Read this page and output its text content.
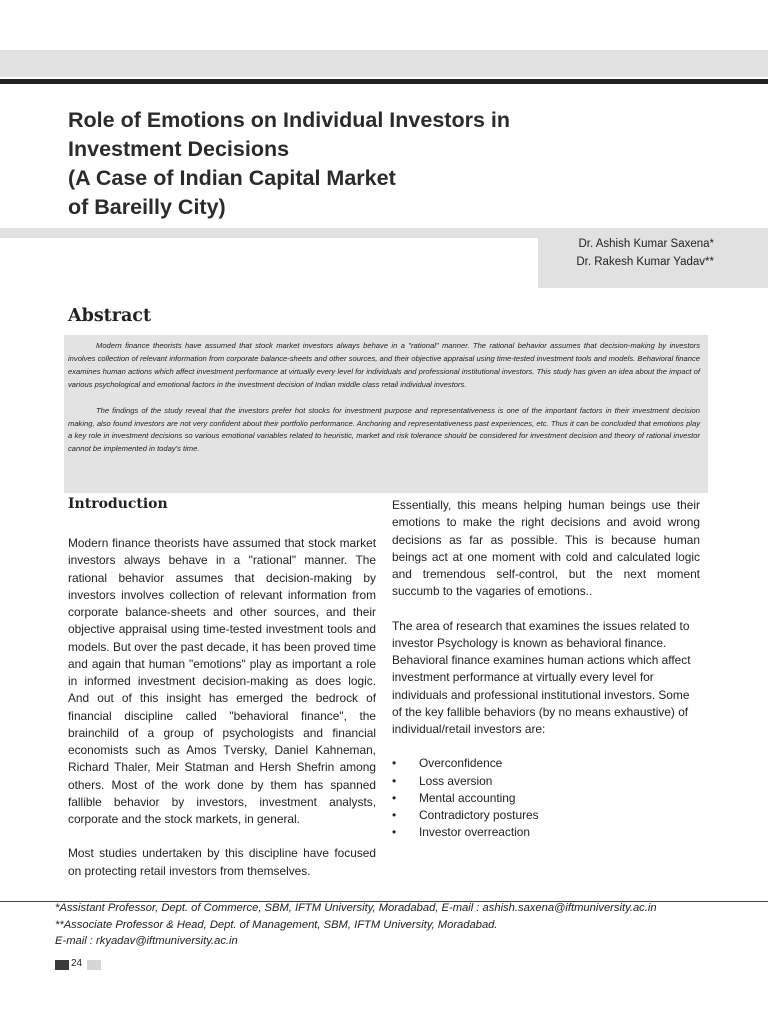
Role of Emotions on Individual Investors in
Investment Decisions
(A Case of Indian Capital Market
of Bareilly City)
Dr. Ashish Kumar Saxena*
Dr. Rakesh Kumar Yadav**
Abstract

Modern finance theorists have assumed that stock market investors always behave in a "rational" manner. The rational behavior assumes that decision-making by investors involves collection of relevant information from corporate balance-sheets and other sources, and their objective appraisal using time-tested investment tools and models. Behavioral finance examines human actions which affect investment performance at virtually every level for individuals and professional institutional investors. This study has given an idea about the impact of various psychological and emotional factors in the investment decision of Indian middle class retail individual investors.

The findings of the study reveal that the investors prefer hot stocks for investment purpose and representativeness is one of the important factors in their investment decision making, also found investors are not very confident about their portfolio performance. Anchoring and representativeness past experiences, etc. Thus it can be concluded that emotions play a key role in investment decisions so various emotional variables related to heuristic, market and risk tolerance should be considered for investment decision and theory of rational investor cannot be implemented in today's time.

Introduction

Modern finance theorists have assumed that stock market investors always behave in a "rational" manner. The rational behavior assumes that decision-making by investors involves collection of relevant information from corporate balance-sheets and other sources, and their objective appraisal using time-tested investment tools and models. But over the past decade, it has been proved time and again that human "emotions" play as important a role in informed investment decision-making as does logic. And out of this insight has emerged the bedrock of financial discipline called "behavioral finance", the brainchild of a group of psychologists and financial economists such as Amos Tversky, Daniel Kahneman, Richard Thaler, Meir Statman and Hersh Shefrin among others. Most of the work done by them has spanned fallible behavior by investors, investment analysts, corporate and the stock markets, in general.

Most studies undertaken by this discipline have focused on protecting retail investors from themselves.

Essentially, this means helping human beings use their emotions to make the right decisions and avoid wrong decisions as far as possible. This is because human beings act at one moment with cold and calculated logic and tremendous self-control, but the next moment succumb to the vagaries of emotions..

The area of research that examines the issues related to investor Psychology is known as behavioral finance. Behavioral finance examines human actions which affect investment performance at virtually every level for individuals and professional institutional investors. Some of the key fallible behaviors (by no means exhaustive) of individual/retail investors are:

• Overconfidence
• Loss aversion
• Mental accounting
• Contradictory postures
• Investor overreaction
*Assistant Professor, Dept. of Commerce, SBM, IFTM University, Moradabad, E-mail : ashish.saxena@iftmuniversity.ac.in
**Associate Professor & Head, Dept. of Management, SBM, IFTM University, Moradabad.
E-mail : rkyadav@iftmuniversity.ac.in
24
